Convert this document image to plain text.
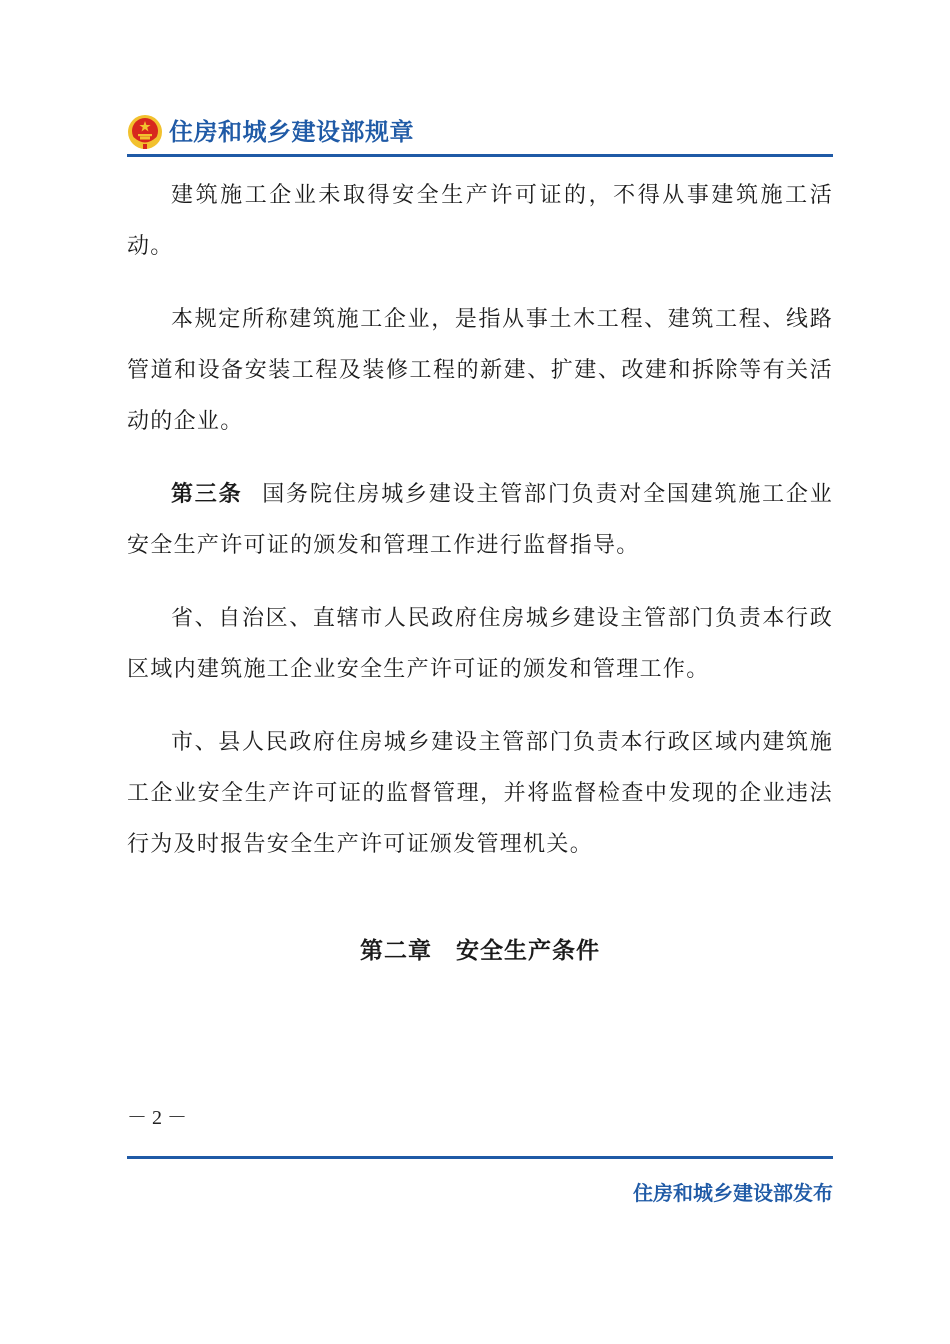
住房和城乡建设部规章

建筑施工企业未取得安全生产许可证的，不得从事建筑施工活动。

本规定所称建筑施工企业，是指从事土木工程、建筑工程、线路管道和设备安装工程及装修工程的新建、扩建、改建和拆除等有关活动的企业。

第三条 国务院住房城乡建设主管部门负责对全国建筑施工企业安全生产许可证的颁发和管理工作进行监督指导。

省、自治区、直辖市人民政府住房城乡建设主管部门负责本行政区域内建筑施工企业安全生产许可证的颁发和管理工作。

市、县人民政府住房城乡建设主管部门负责本行政区域内建筑施工企业安全生产许可证的监督管理，并将监督检查中发现的企业违法行为及时报告安全生产许可证颁发管理机关。

第二章　安全生产条件
－ 2 －
住房和城乡建设部发布
